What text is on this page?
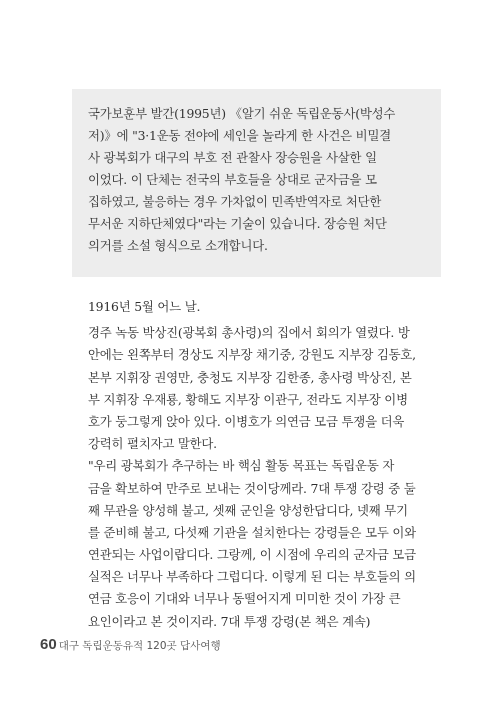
국가보훈부 발간(1995년) 《알기 쉬운 독립운동사(박성수
저)》에 "3·1운동 전야에 세인을 놀라게 한 사건은 비밀결
사 광복회가 대구의 부호 전 관찰사 장승원을 사살한 일
이었다. 이 단체는 전국의 부호들을 상대로 군자금을 모
집하였고, 불응하는 경우 가차없이 민족반역자로 처단한
무서운 지하단체였다"라는 기술이 있습니다. 장승원 처단
의거를 소설 형식으로 소개합니다.
1916년 5월 어느 날.
경주 녹동 박상진(광복회 총사령)의 집에서 회의가 열렸다. 방
안에는 왼쪽부터 경상도 지부장 채기중, 강원도 지부장 김동호,
본부 지휘장 권영만, 충청도 지부장 김한종, 총사령 박상진, 본
부 지휘장 우재룡, 황해도 지부장 이관구, 전라도 지부장 이병
호가 둥그렇게 앉아 있다. 이병호가 의연금 모금 투쟁을 더욱
강력히 펼치자고 말한다.
"우리 광복회가 추구하는 바 핵심 활동 목표는 독립운동 자
금을 확보하여 만주로 보내는 것이당께라. 7대 투쟁 강령 중 둘
째 무관을 양성해 불고, 셋째 군인을 양성한답디다, 넷째 무기
를 준비해 불고, 다섯째 기관을 설치한다는 강령들은 모두 이와
연관되는 사업이랍디다. 그랑께, 이 시점에 우리의 군자금 모금
실적은 너무나 부족하다 그럽디다. 이렇게 된 디는 부호들의 의
연금 호응이 기대와 너무나 동떨어지게 미미한 것이 가장 큰
요인이라고 본 것이지라. 7대 투쟁 강령(본 책은 계속)
60 대구 독립운동유적 120곳 답사여행
